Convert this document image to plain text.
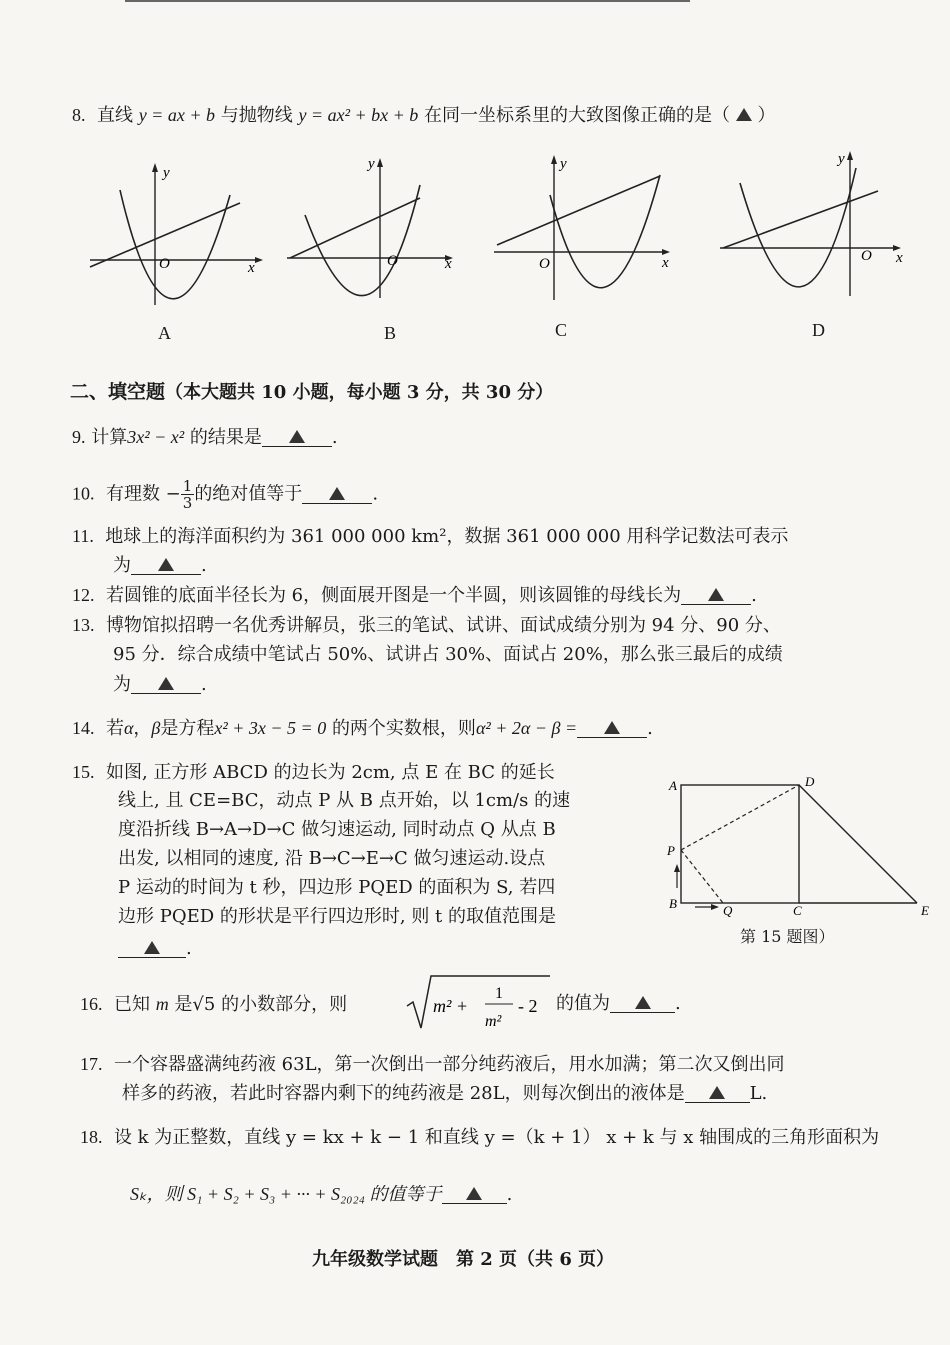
8. 直线 y = ax + b 与抛物线 y = ax² + bx + b 在同一坐标系里的大致图像正确的是（ ）
y
x
O
A
y
x
O
B
y
x
O
C
y
x
O
D
二、填空题（本大题共 10 小题，每小题 3 分，共 30 分）
9. 计算3x² − x² 的结果是	.
10. 有理数 − $\frac{1}{3}$ 的绝对值等于	.
11. 地球上的海洋面积约为 361 000 000 km²，数据 361 000 000 用科学记数法可表示
为	.
12. 若圆锥的底面半径长为 6，侧面展开图是一个半圆，则该圆锥的母线长为	.
13. 博物馆拟招聘一名优秀讲解员，张三的笔试、试讲、面试成绩分别为 94 分、90 分、
95 分．综合成绩中笔试占 50%、试讲占 30%、面试占 20%，那么张三最后的成绩
为	.
14. 若α，β是方程x² + 3x − 5 = 0 的两个实数根，则α² + 2α − β =	.
15. 如图, 正方形 ABCD 的边长为 2cm, 点 E 在 BC 的延长
线上, 且 CE=BC，动点 P 从 B 点开始，以 1cm/s 的速
度沿折线 B→A→D→C 做匀速运动, 同时动点 Q 从点 B
出发, 以相同的速度, 沿 B→C→E→C 做匀速运动.设点
P 运动的时间为 t 秒，四边形 PQED 的面积为 S, 若四
边形 PQED 的形状是平行四边形时, 则 t 的取值范围是
.
A	D
P
B	Q	C	E
第 15 题图）
16. 已知 m 是√5 的小数部分，则	m² +
1
m²
- 2 的值为	.
17. 一个容器盛满纯药液 63L，第一次倒出一部分纯药液后，用水加满；第二次又倒出同
样多的药液，若此时容器内剩下的纯药液是 28L，则每次倒出的液体是	L.
18. 设 k 为正整数，直线 y = kx + k − 1 和直线 y =（k + 1） x + k 与 x 轴围成的三角形面积为
Sₖ，则 S₁ + S₂ + S₃ + ··· + S₂₀₂₄ 的值等于	.
九年级数学试题　第 2 页（共 6 页）
